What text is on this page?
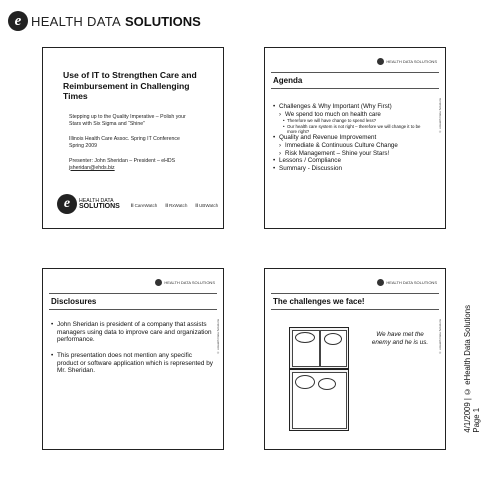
e HEALTH DATA SOLUTIONS
Use of IT to Strengthen Care and Reimbursement in Challenging Times
Stepping up to the Quality Imperative – Polish your
Stars with Six Sigma and “Shine”
Illinois Health Care Assoc. Spring IT Conference
Spring 2009
Presenter: John Sheridan – President – eHDS
jsheridan@ehds.biz
e	HEALTH DATA
SOLUTIONS	ll CareWatch	ll RxWatch	ll UBWatch
HEALTH DATA SOLUTIONS
Agenda
• Challenges & Why Important (Why First)
› We spend too much on health care
• Therefore we will have change to spend less?
• Our health care system is not right – therefore we will change it to be more right?
• Quality and Revenue Improvement
› Immediate & Continuous Culture Change
› Risk Management – Shine your Stars!
• Lessons / Compliance
• Summary - Discussion
© eHealth Data Solutions
HEALTH DATA SOLUTIONS
Disclosures
• John Sheridan is president of a company that assists managers using data to improve care and organization performance.
• This presentation does not mention any specific product or software application which is represented by Mr. Sheridan.
© eHealth Data Solutions
HEALTH DATA SOLUTIONS
The challenges we face!
We have met the
enemy and he is us.	© eHealth Data Solutions	4/1/2009 | © eHealth Data Solutions Page 1
